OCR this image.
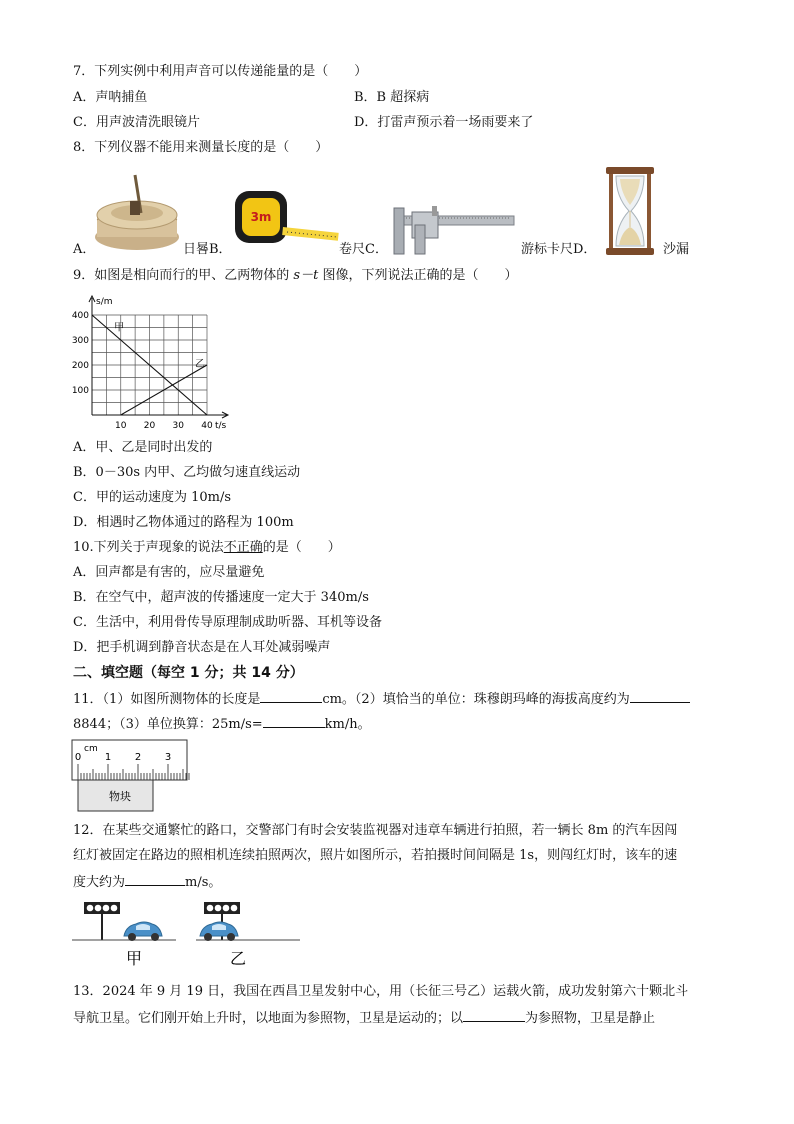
7．下列实例中利用声音可以传递能量的是（　　）
A．声呐捕鱼	B．B 超探病
C．用声波清洗眼镜片	D．打雷声预示着一场雨要来了
8．下列仪器不能用来测量长度的是（　　）
A．	日晷 B．
3m
卷尺 C．	游标卡尺 D．	沙漏
9．如图是相向而行的甲、乙两物体的 s－t 图像，下列说法正确的是（　　）
s/m
t/s
10 20 30 40
100
200
300
400
甲
乙
A．甲、乙是同时出发的
B．0－30s 内甲、乙均做匀速直线运动
C．甲的运动速度为 10m/s
D．相遇时乙物体通过的路程为 100m
10.下列关于声现象的说法不正确的是（　　）
A．回声都是有害的，应尽量避免
B．在空气中，超声波的传播速度一定大于 340m/s
C．生活中，利用骨传导原理制成助听器、耳机等设备
D．把手机调到静音状态是在人耳处减弱噪声
二、填空题（每空 1 分；共 14 分）
11．（1）如图所测物体的长度是	cm。（2）填恰当的单位：珠穆朗玛峰的海拔高度约为
8844；（3）单位换算：25m/s=	km/h。
cm
0 1 2 3
物块
12．在某些交通繁忙的路口，交警部门有时会安装监视器对违章车辆进行拍照，若一辆长 8m 的汽车因闯
红灯被固定在路边的照相机连续拍照两次，照片如图所示，若拍摄时间间隔是 1s，则闯红灯时，该车的速
度大约为	m/s。
甲	乙
13．2024 年 9 月 19 日，我国在西昌卫星发射中心，用（长征三号乙）运载火箭，成功发射第六十颗北斗
导航卫星。它们刚开始上升时，以地面为参照物，卫星是运动的；以	为参照物，卫星是静止
